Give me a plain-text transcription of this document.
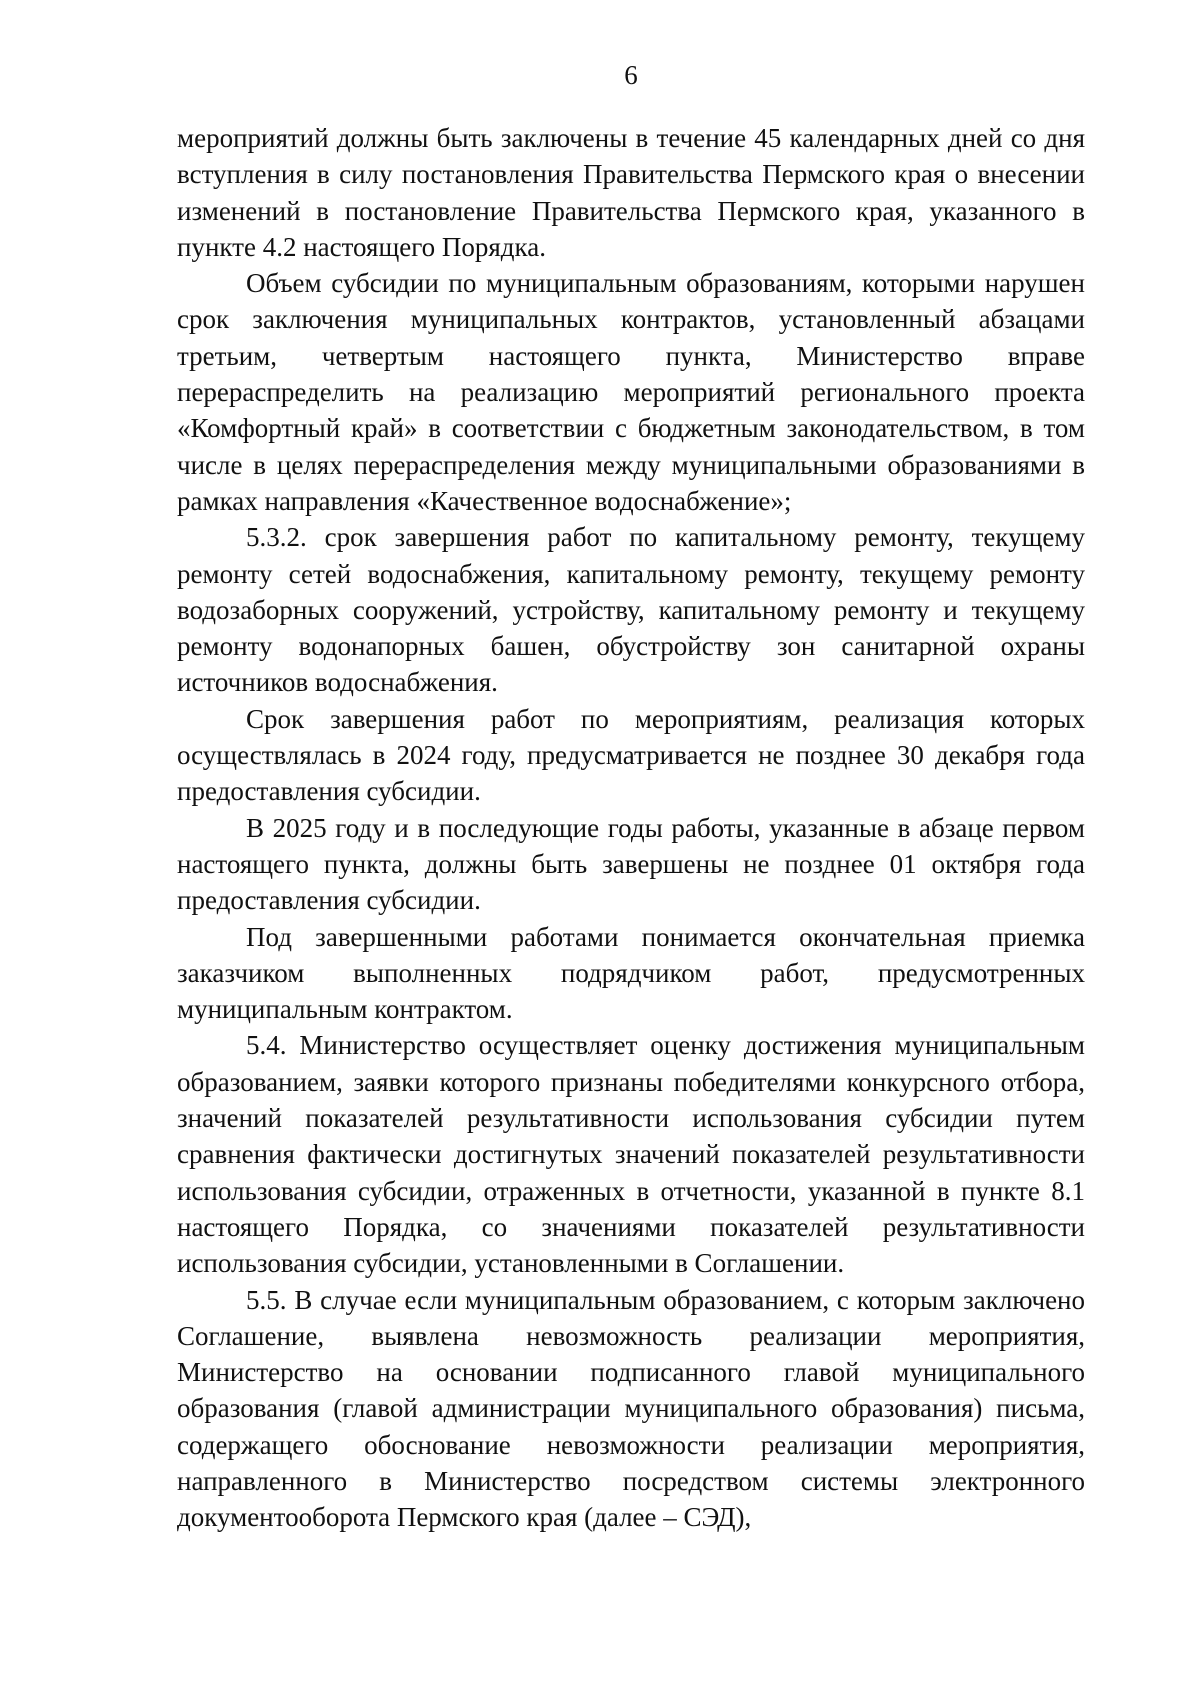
6

мероприятий должны быть заключены в течение 45 календарных дней со дня вступления в силу постановления Правительства Пермского края о внесении изменений в постановление Правительства Пермского края, указанного в пункте 4.2 настоящего Порядка.

Объем субсидии по муниципальным образованиям, которыми нарушен срок заключения муниципальных контрактов, установленный абзацами третьим, четвертым настоящего пункта, Министерство вправе перераспределить на реализацию мероприятий регионального проекта «Комфортный край» в соответствии с бюджетным законодательством, в том числе в целях перераспределения между муниципальными образованиями в рамках направления «Качественное водоснабжение»;

5.3.2. срок завершения работ по капитальному ремонту, текущему ремонту сетей водоснабжения, капитальному ремонту, текущему ремонту водозаборных сооружений, устройству, капитальному ремонту и текущему ремонту водонапорных башен, обустройству зон санитарной охраны источников водоснабжения.

Срок завершения работ по мероприятиям, реализация которых осуществлялась в 2024 году, предусматривается не позднее 30 декабря года предоставления субсидии.

В 2025 году и в последующие годы работы, указанные в абзаце первом настоящего пункта, должны быть завершены не позднее 01 октября года предоставления субсидии.

Под завершенными работами понимается окончательная приемка заказчиком выполненных подрядчиком работ, предусмотренных муниципальным контрактом.

5.4. Министерство осуществляет оценку достижения муниципальным образованием, заявки которого признаны победителями конкурсного отбора, значений показателей результативности использования субсидии путем сравнения фактически достигнутых значений показателей результативности использования субсидии, отраженных в отчетности, указанной в пункте 8.1 настоящего Порядка, со значениями показателей результативности использования субсидии, установленными в Соглашении.

5.5. В случае если муниципальным образованием, с которым заключено Соглашение, выявлена невозможность реализации мероприятия, Министерство на основании подписанного главой муниципального образования (главой администрации муниципального образования) письма, содержащего обоснование невозможности реализации мероприятия, направленного в Министерство посредством системы электронного документооборота Пермского края (далее – СЭД),
